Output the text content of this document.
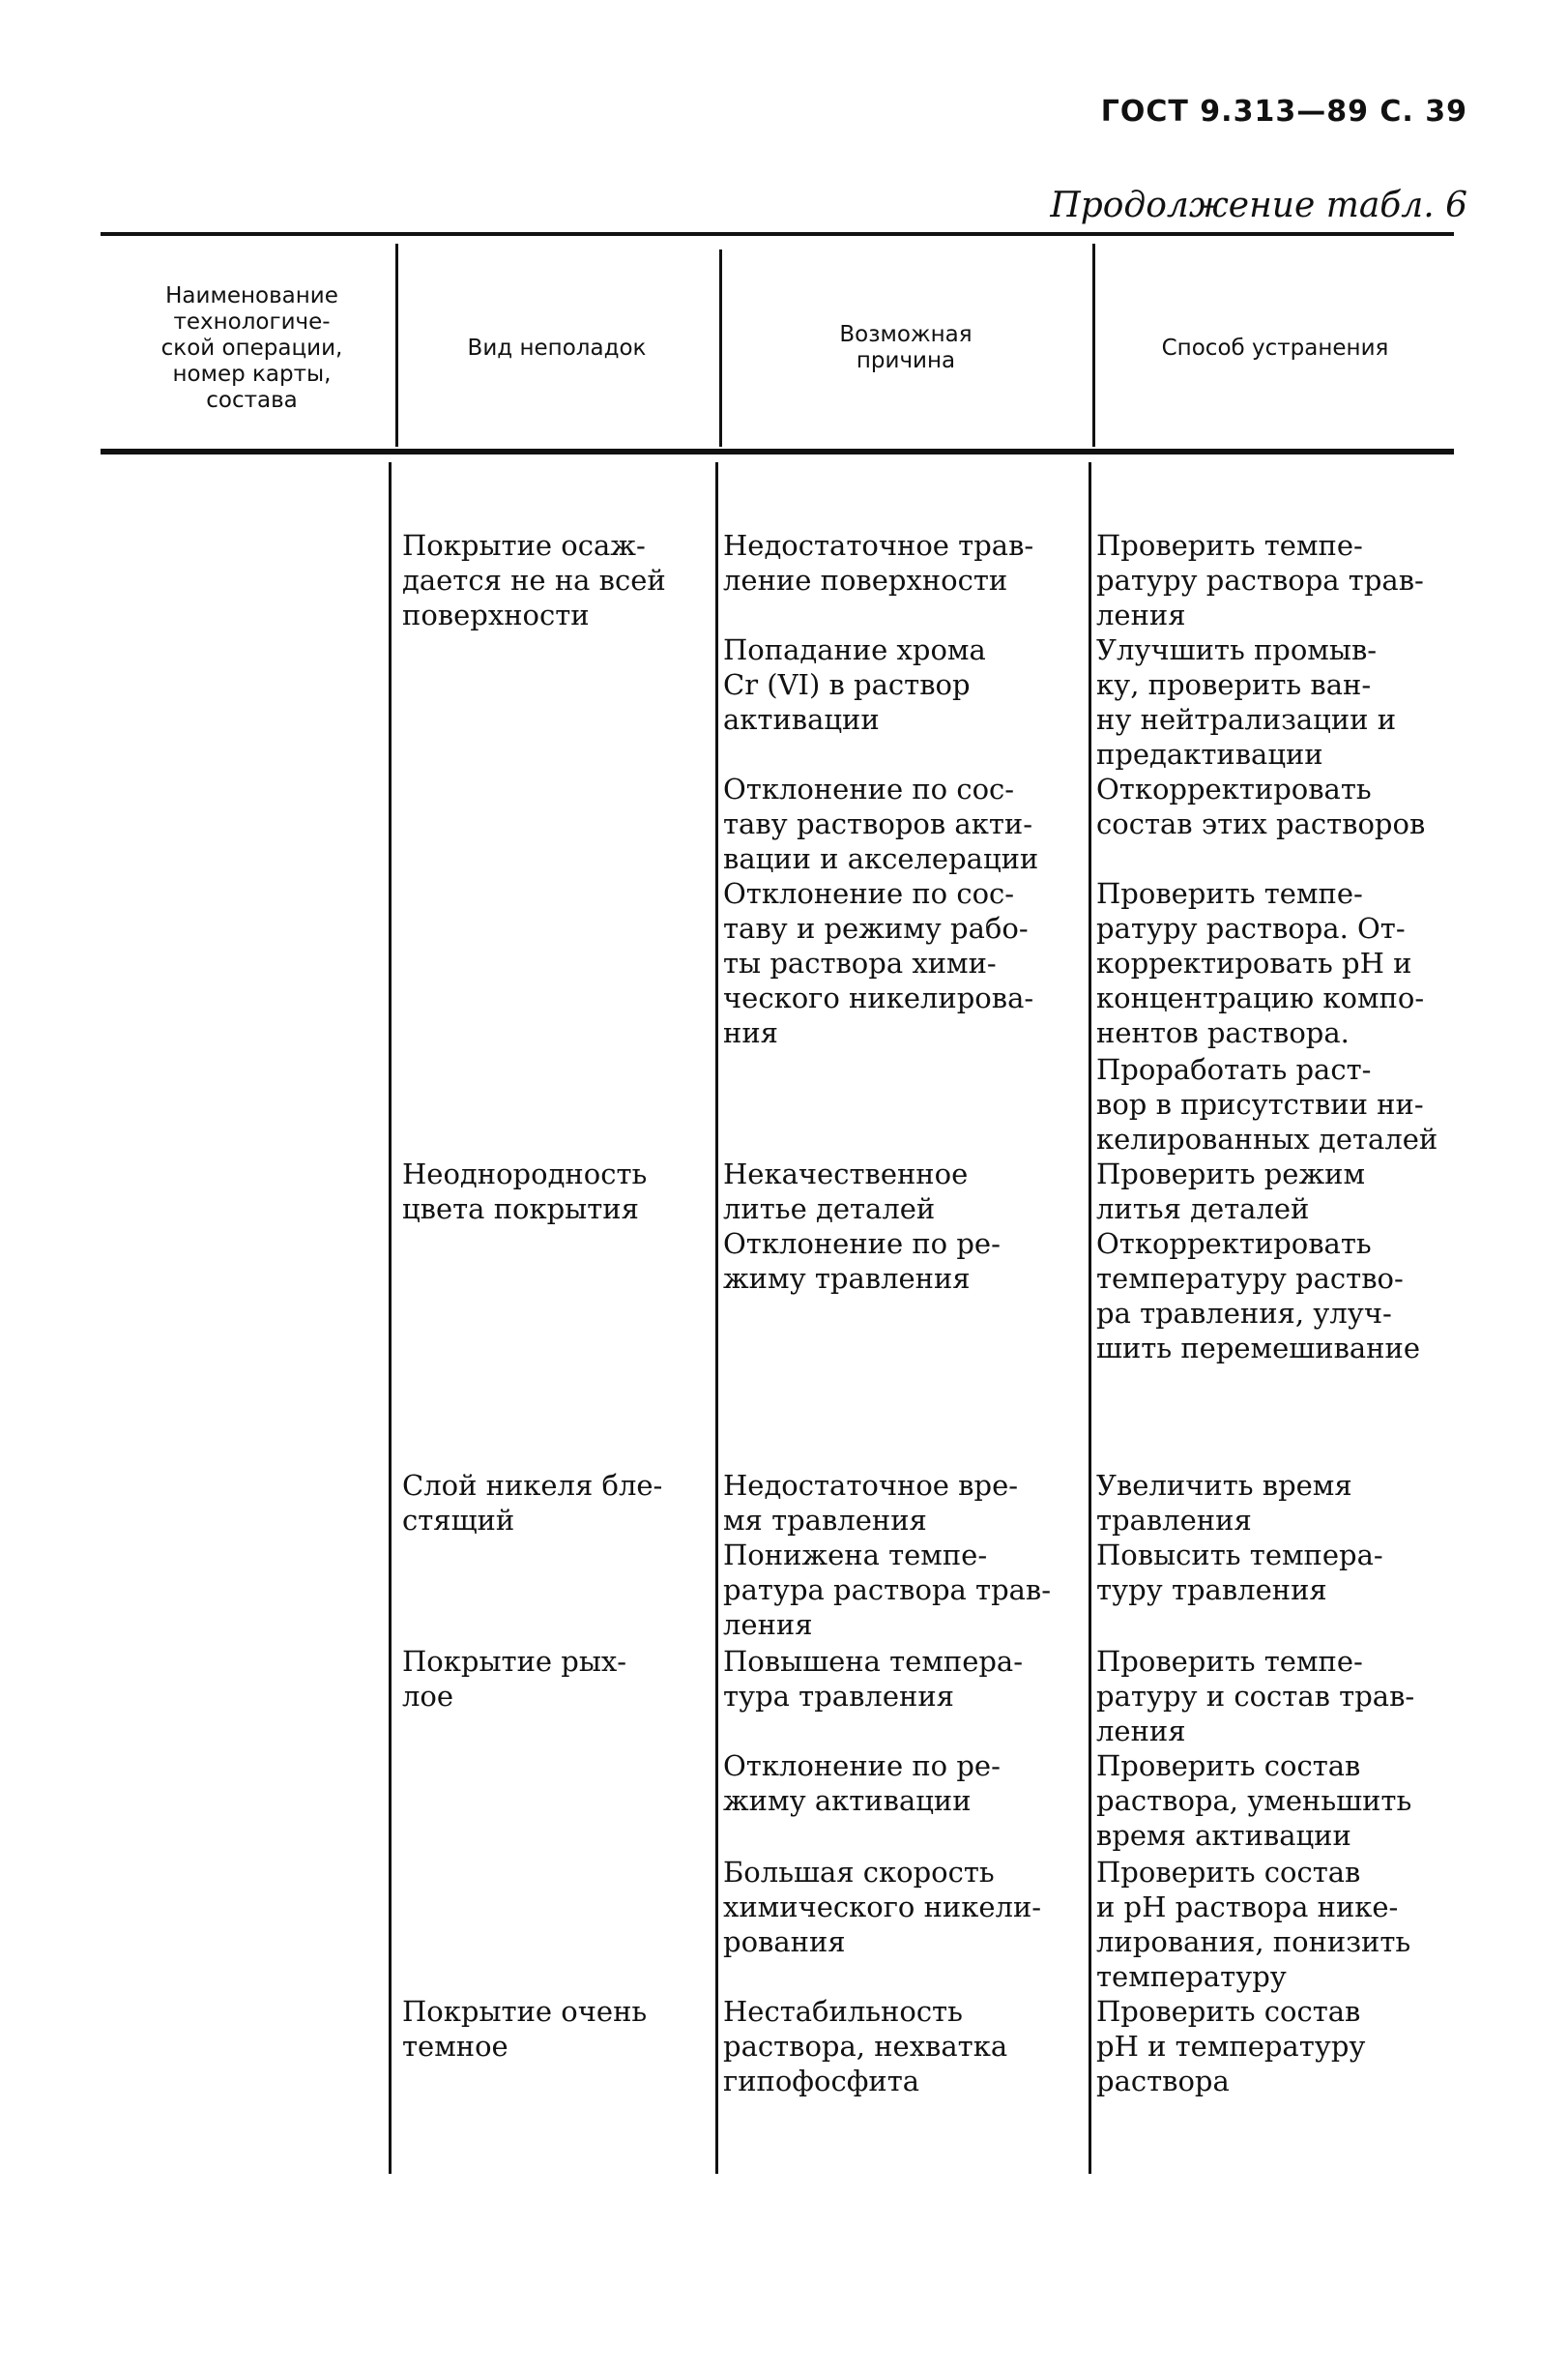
ГОСТ 9.313—89 С. 39
Продолжение табл. 6
Наименование
технологиче-
ской операции,
номер карты,
состава
Вид неполадок
Возможная
причина
Способ устранения
Покрытие осаж-
дается не на всей
поверхности
Неоднородность
цвета покрытия
Слой никеля бле-
стящий
Покрытие рых-
лое
Покрытие очень
темное
Недостаточное трав-
ление поверхности
Попадание хрома
Cr (VI) в раствор
активации
Отклонение по сос-
таву растворов акти-
вации и акселерации
Отклонение по сос-
таву и режиму рабо-
ты раствора хими-
ческого никелирова-
ния
Некачественное
литье деталей
Отклонение по ре-
жиму травления
Недостаточное вре-
мя травления
Понижена темпе-
ратура раствора трав-
ления
Повышена темпера-
тура травления
Отклонение по ре-
жиму активации
Большая скорость
химического никели-
рования
Нестабильность
раствора, нехватка
гипофосфита
Проверить темпе-
ратуру раствора трав-
ления
Улучшить промыв-
ку, проверить ван-
ну нейтрализации и
предактивации
Откорректировать
состав этих растворов
Проверить темпе-
ратуру раствора. От-
корректировать pH и
концентрацию компо-
нентов раствора.
Проработать раст-
вор в присутствии ни-
келированных деталей
Проверить режим
литья деталей
Откорректировать
температуру раство-
ра травления, улуч-
шить перемешивание
Увеличить время
травления
Повысить темпера-
туру травления
Проверить темпе-
ратуру и состав трав-
ления
Проверить состав
раствора, уменьшить
время активации
Проверить состав
и pH раствора нике-
лирования, понизить
температуру
Проверить состав
pH и температуру
раствора
